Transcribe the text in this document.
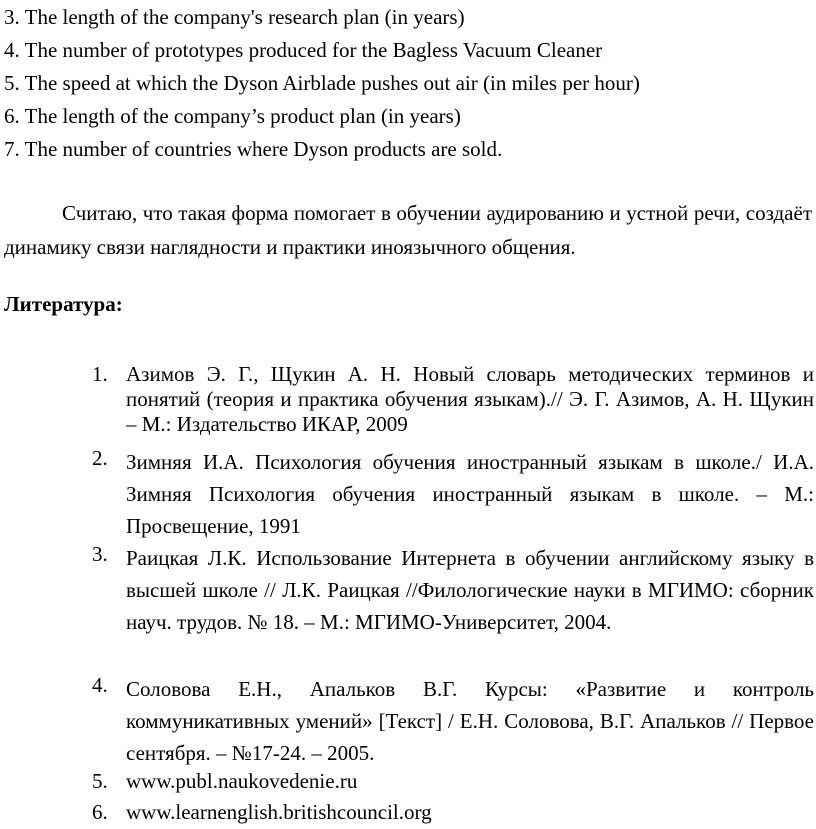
3. The length of the company's research plan (in years)
4. The number of prototypes produced for the Bagless Vacuum Cleaner
5. The speed at which the Dyson Airblade pushes out air (in miles per hour)
6. The length of the company’s product plan (in years)
7. The number of countries where Dyson products are sold.
Считаю, что такая форма помогает в обучении аудированию и устной речи, создаёт динамику связи наглядности и практики иноязычного общения.
Литература:
1. Азимов Э. Г., Щукин А. Н. Новый словарь методических терминов и понятий (теория и практика обучения языкам).// Э. Г. Азимов, А. Н. Щукин – М.: Издательство ИКАР, 2009
2. Зимняя И.А. Психология обучения иностранный языкам в школе./ И.А. Зимняя Психология обучения иностранный языкам в школе. – М.: Просвещение, 1991
3. Раицкая Л.К. Использование Интернета в обучении английскому языку в высшей школе // Л.К. Раицкая //Филологические науки в МГИМО: сборник науч. трудов. № 18. – М.: МГИМО-Университет, 2004.
4. Соловова Е.Н., Апальков В.Г. Курсы: «Развитие и контроль коммуникативных умений» [Текст] / Е.Н. Соловова, В.Г. Апальков // Первое сентября. – №17-24. – 2005.
5. www.publ.naukovedenie.ru
6. www.learnenglish.britishcouncil.org
